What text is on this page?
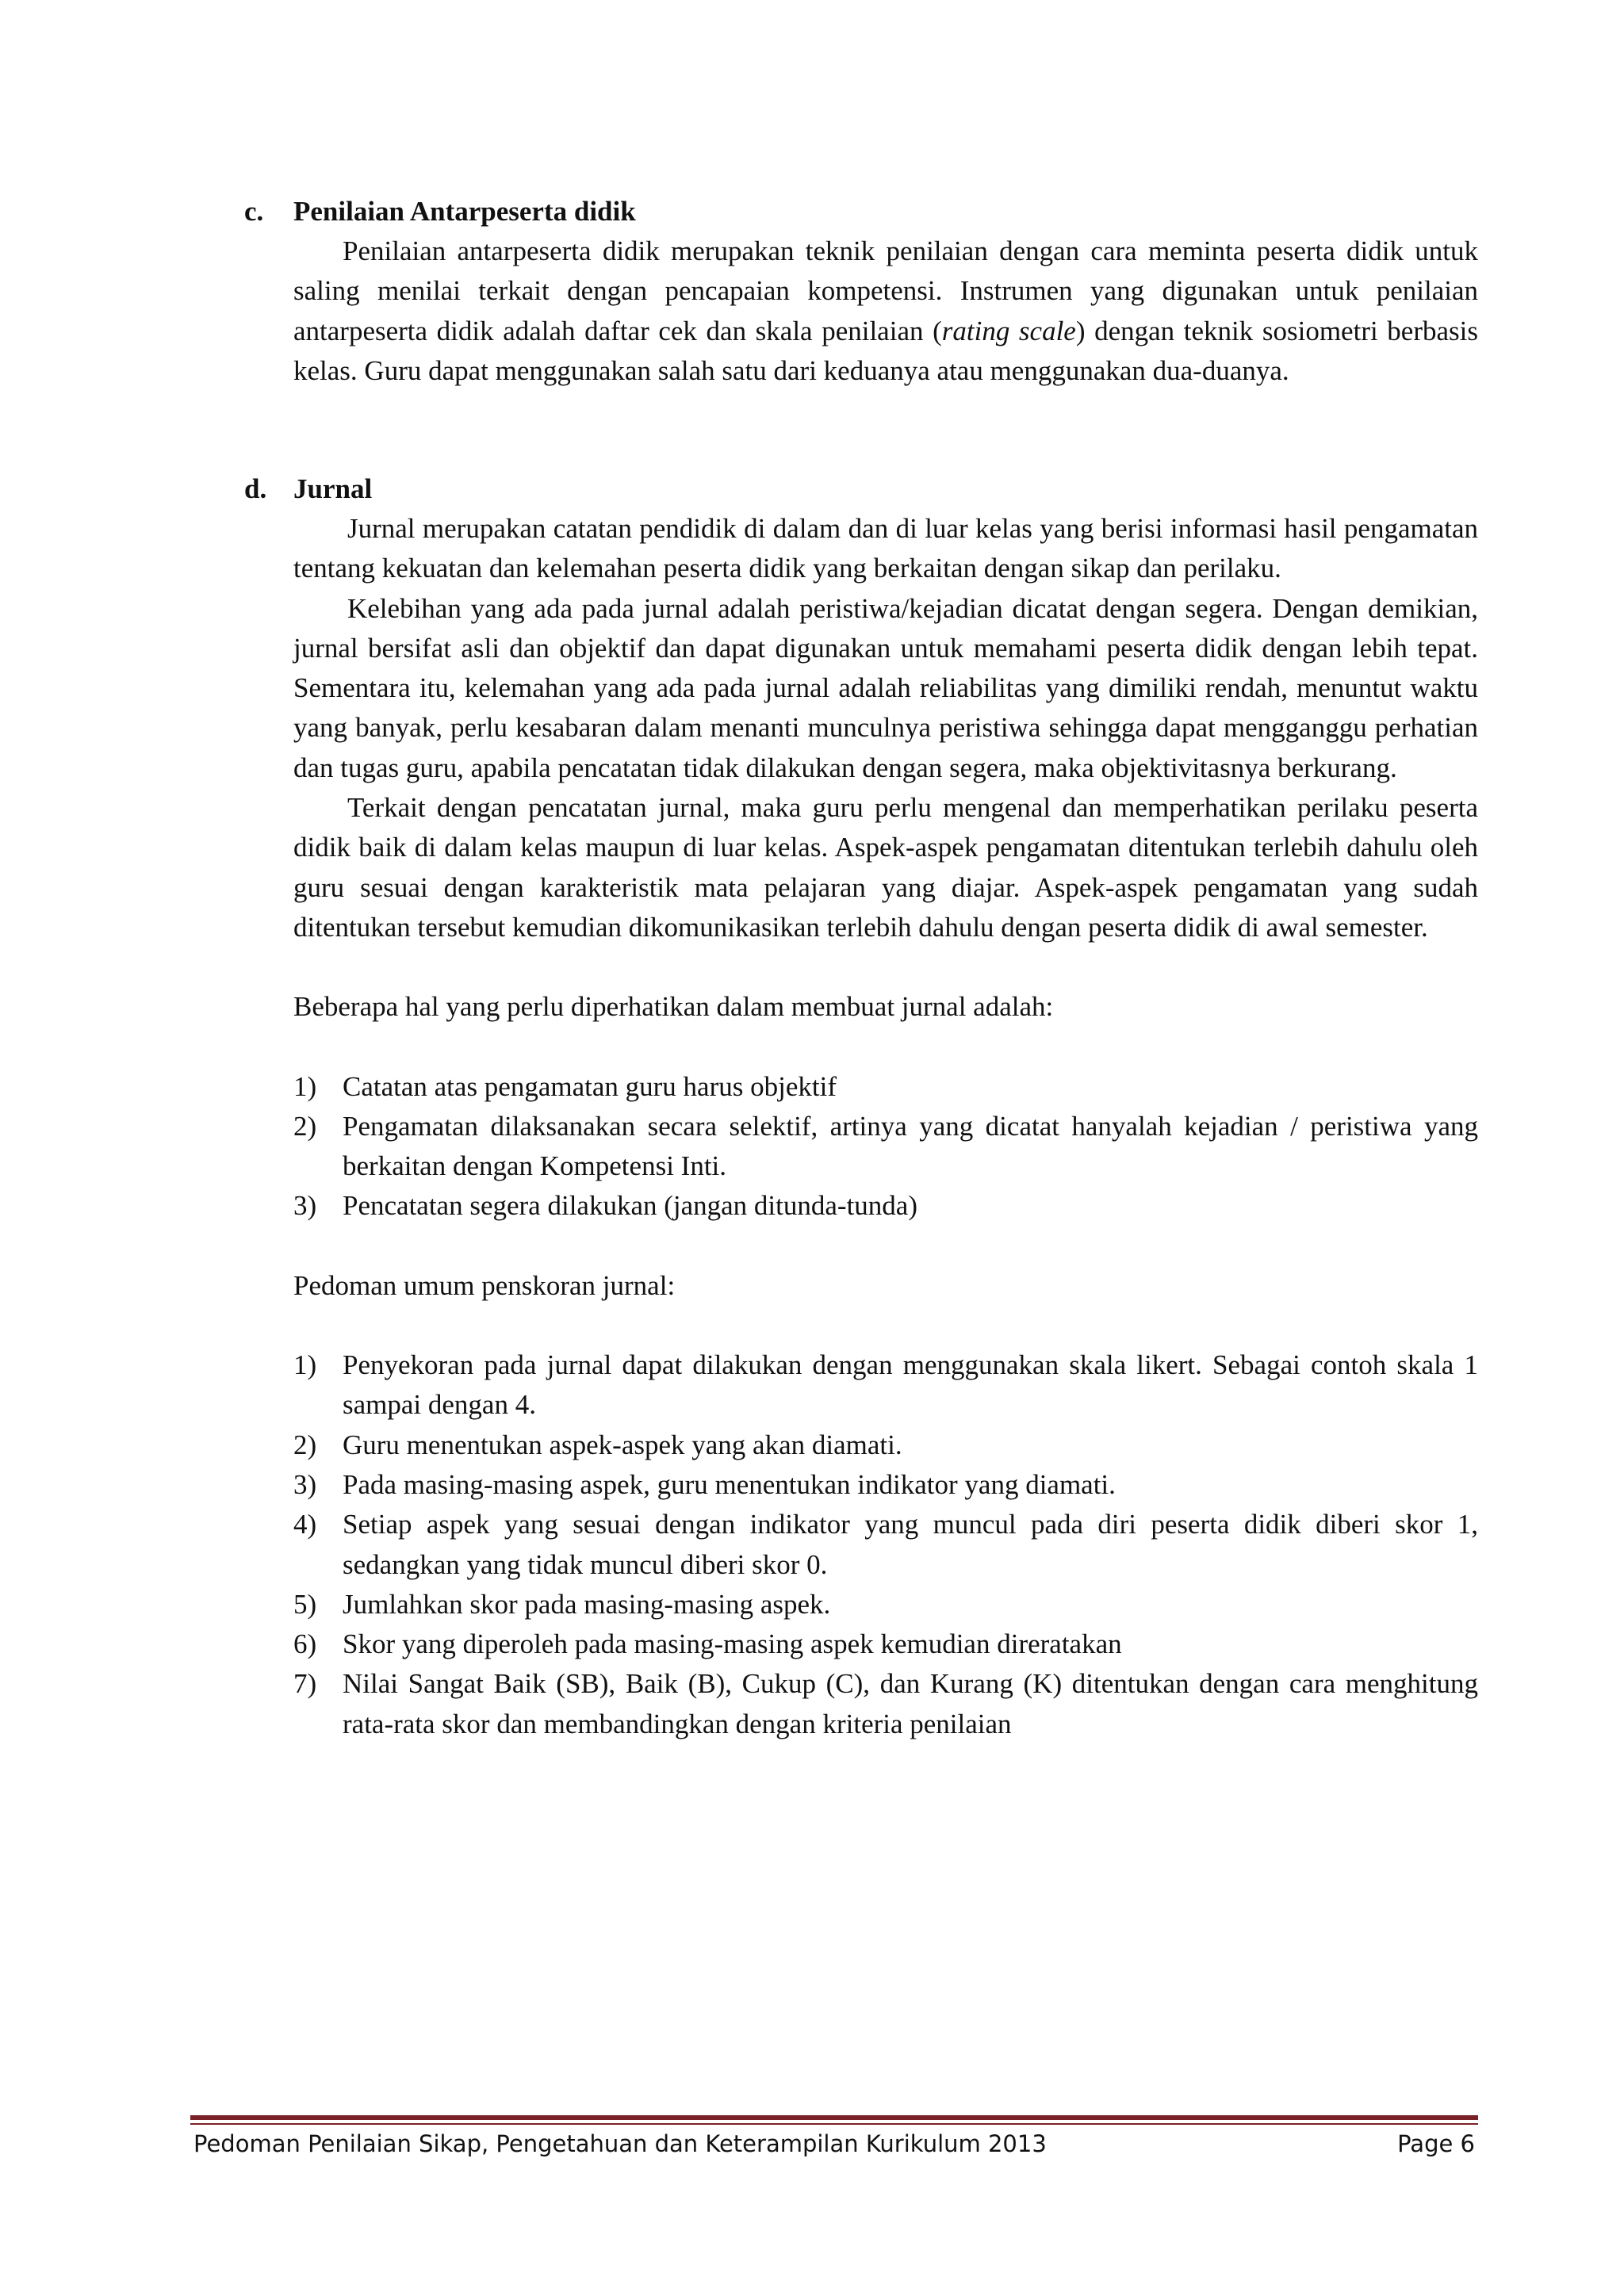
c. Penilaian Antarpeserta didik

Penilaian antarpeserta didik merupakan teknik penilaian dengan cara meminta peserta didik untuk saling menilai terkait dengan pencapaian kompetensi. Instrumen yang digunakan untuk penilaian antarpeserta didik adalah daftar cek dan skala penilaian (rating scale) dengan teknik sosiometri berbasis kelas. Guru dapat menggunakan salah satu dari keduanya atau menggunakan dua-duanya.

d. Jurnal

Jurnal merupakan catatan pendidik di dalam dan di luar kelas yang berisi informasi hasil pengamatan tentang kekuatan dan kelemahan peserta didik yang berkaitan dengan sikap dan perilaku.

Kelebihan yang ada pada jurnal adalah peristiwa/kejadian dicatat dengan segera. Dengan demikian, jurnal bersifat asli dan objektif dan dapat digunakan untuk memahami peserta didik dengan lebih tepat. Sementara itu, kelemahan yang ada pada jurnal adalah reliabilitas yang dimiliki rendah, menuntut waktu yang banyak, perlu kesabaran dalam menanti munculnya peristiwa sehingga dapat mengganggu perhatian dan tugas guru, apabila pencatatan tidak dilakukan dengan segera, maka objektivitasnya berkurang.

Terkait dengan pencatatan jurnal, maka guru perlu mengenal dan memperhatikan perilaku peserta didik baik di dalam kelas maupun di luar kelas. Aspek-aspek pengamatan ditentukan terlebih dahulu oleh guru sesuai dengan karakteristik mata pelajaran yang diajar. Aspek-aspek pengamatan yang sudah ditentukan tersebut kemudian dikomunikasikan terlebih dahulu dengan peserta didik di awal semester.

Beberapa hal yang perlu diperhatikan dalam membuat jurnal adalah:

1) Catatan atas pengamatan guru harus objektif
2) Pengamatan dilaksanakan secara selektif, artinya yang dicatat hanyalah kejadian / peristiwa yang berkaitan dengan Kompetensi Inti.
3) Pencatatan segera dilakukan (jangan ditunda-tunda)

Pedoman umum penskoran jurnal:

1) Penyekoran pada jurnal dapat dilakukan dengan menggunakan skala likert. Sebagai contoh skala 1 sampai dengan 4.
2) Guru menentukan aspek-aspek yang akan diamati.
3) Pada masing-masing aspek, guru menentukan indikator yang diamati.
4) Setiap aspek yang sesuai dengan indikator yang muncul pada diri peserta didik diberi skor 1, sedangkan yang tidak muncul diberi skor 0.
5) Jumlahkan skor pada masing-masing aspek.
6) Skor yang diperoleh pada masing-masing aspek kemudian direratakan
7) Nilai Sangat Baik (SB), Baik (B), Cukup (C), dan Kurang (K) ditentukan dengan cara menghitung rata-rata skor dan membandingkan dengan kriteria penilaian
Pedoman Penilaian Sikap, Pengetahuan dan Keterampilan Kurikulum 2013	Page 6
